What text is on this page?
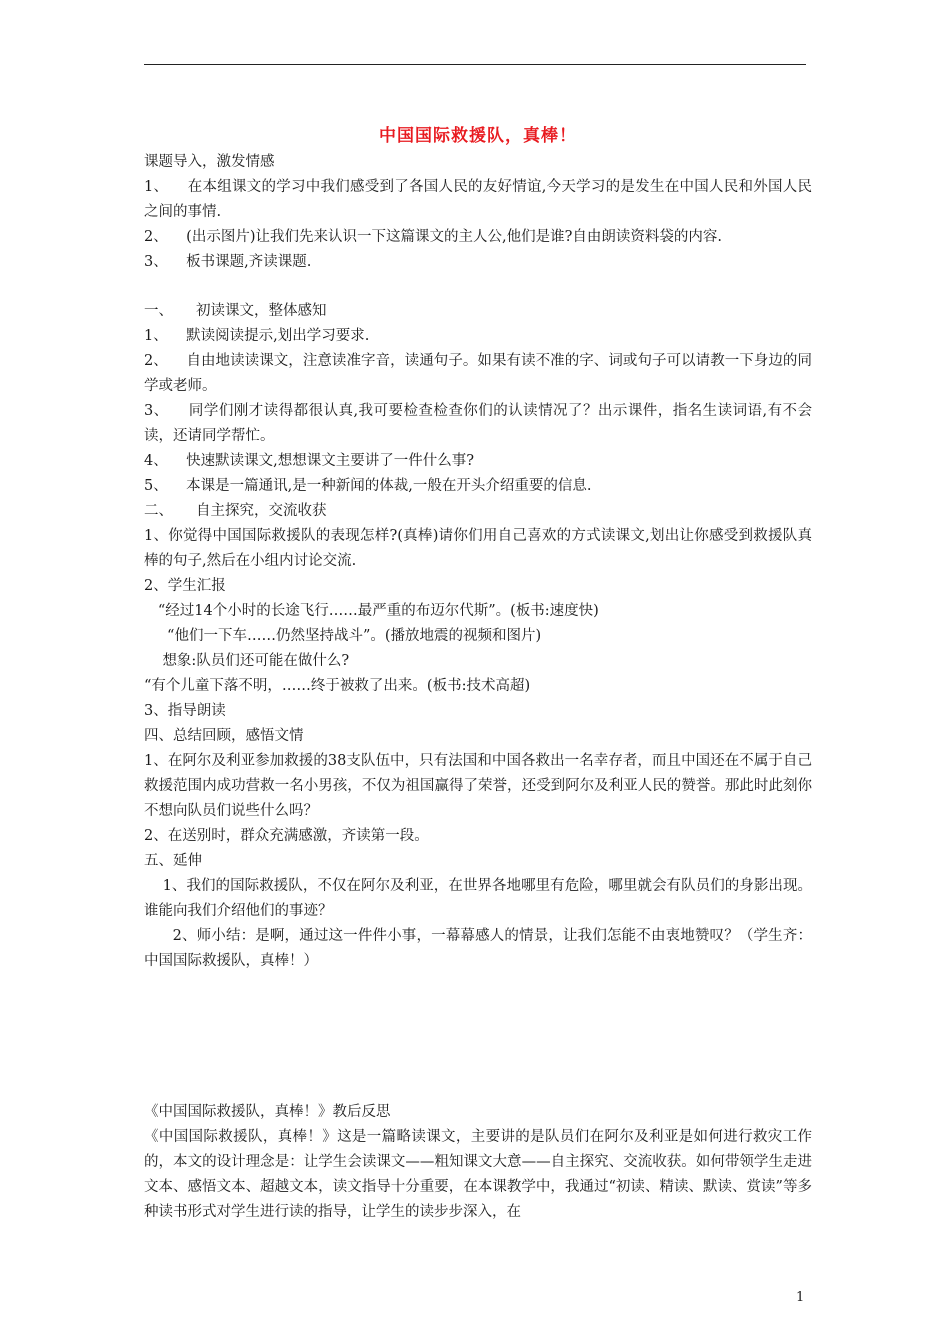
中国国际救援队，真棒！

课题导入，激发情感

1、    在本组课文的学习中我们感受到了各国人民的友好情谊,今天学习的是发生在中国人民和外国人民之间的事情.

2、    (出示图片)让我们先来认识一下这篇课文的主人公,他们是谁?自由朗读资料袋的内容.

3、    板书课题,齐读课题.

一、     初读课文，整体感知

1、    默读阅读提示,划出学习要求.

2、    自由地读读课文，注意读准字音，读通句子。如果有读不准的字、词或句子可以请教一下身边的同学或老师。

3、    同学们刚才读得都很认真,我可要检查检查你们的认读情况了？出示课件，指名生读词语,有不会读，还请同学帮忙。

4、    快速默读课文,想想课文主要讲了一件什么事?

5、    本课是一篇通讯,是一种新闻的体裁,一般在开头介绍重要的信息.

二、     自主探究，交流收获

1、你觉得中国国际救援队的表现怎样?(真棒)请你们用自己喜欢的方式读课文,划出让你感受到救援队真棒的句子,然后在小组内讨论交流.

2、学生汇报

“经过14个小时的长途飞行……最严重的布迈尔代斯”。(板书:速度快)

“他们一下车……仍然坚持战斗”。(播放地震的视频和图片)

想象:队员们还可能在做什么?

“有个儿童下落不明，……终于被救了出来。(板书:技术高超)

3、指导朗读

四、总结回顾，感悟文情

1、在阿尔及利亚参加救援的38支队伍中，只有法国和中国各救出一名幸存者，而且中国还在不属于自己救援范围内成功营救一名小男孩，不仅为祖国赢得了荣誉，还受到阿尔及利亚人民的赞誉。那此时此刻你不想向队员们说些什么吗？

2、在送别时，群众充满感激，齐读第一段。

五、延伸

1、我们的国际救援队，不仅在阿尔及利亚，在世界各地哪里有危险，哪里就会有队员们的身影出现。谁能向我们介绍他们的事迹？

2、师小结：是啊，通过这一件件小事，一幕幕感人的情景，让我们怎能不由衷地赞叹？（学生齐：中国国际救援队，真棒！）

《中国国际救援队，真棒！》教后反思

《中国国际救援队，真棒！》这是一篇略读课文，主要讲的是队员们在阿尔及利亚是如何进行救灾工作的，本文的设计理念是：让学生会读课文——粗知课文大意——自主探究、交流收获。如何带领学生走进文本、感悟文本、超越文本，读文指导十分重要，在本课教学中，我通过“初读、精读、默读、赏读”等多种读书形式对学生进行读的指导，让学生的读步步深入，在

1
